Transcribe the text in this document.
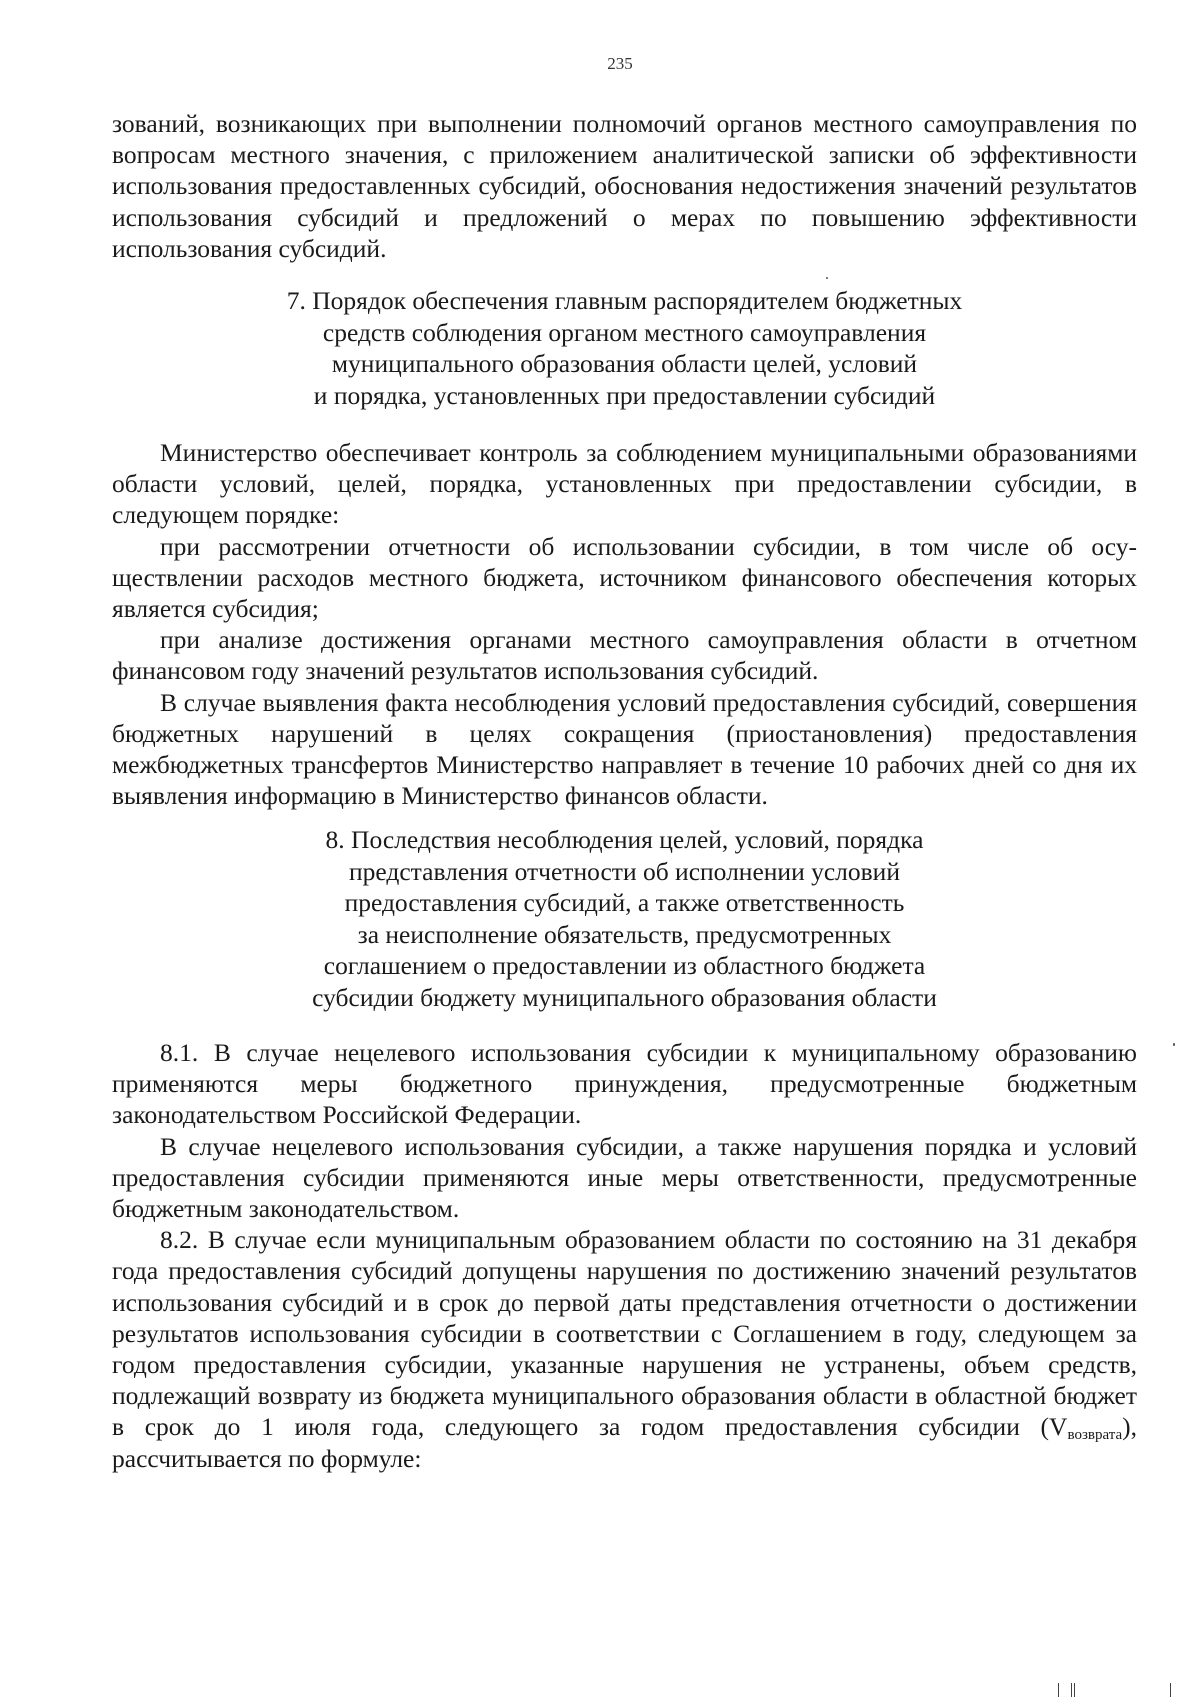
235

зований, возникающих при выполнении полномочий органов местного самоуправления по вопросам местного значения, с приложением аналитической записки об эффективности использования предоставленных субсидий, обоснования недостижения значений результатов использования субсидий и предложений о мерах по повышению эффективности использования субсидий.

7. Порядок обеспечения главным распорядителем бюджетных
средств соблюдения органом местного самоуправления
муниципального образования области целей, условий
и порядка, установленных при предоставлении субсидий

Министерство обеспечивает контроль за соблюдением муниципальными образованиями области условий, целей, порядка, установленных при предоставлении субсидии, в следующем порядке:

при рассмотрении отчетности об использовании субсидии, в том числе об осуществлении расходов местного бюджета, источником финансового обеспечения которых является субсидия;

при анализе достижения органами местного самоуправления области в отчетном финансовом году значений результатов использования субсидий.

В случае выявления факта несоблюдения условий предоставления субсидий, совершения бюджетных нарушений в целях сокращения (приостановления) предоставления межбюджетных трансфертов Министерство направляет в течение 10 рабочих дней со дня их выявления информацию в Министерство финансов области.

8. Последствия несоблюдения целей, условий, порядка
представления отчетности об исполнении условий
предоставления субсидий, а также ответственность
за неисполнение обязательств, предусмотренных
соглашением о предоставлении из областного бюджета
субсидии бюджету муниципального образования области

8.1. В случае нецелевого использования субсидии к муниципальному образованию применяются меры бюджетного принуждения, предусмотренные бюджетным законодательством Российской Федерации.

В случае нецелевого использования субсидии, а также нарушения порядка и условий предоставления субсидии применяются иные меры ответственности, предусмотренные бюджетным законодательством.

8.2. В случае если муниципальным образованием области по состоянию на 31 декабря года предоставления субсидий допущены нарушения по достижению значений результатов использования субсидий и в срок до первой даты представления отчетности о достижении результатов использования субсидии в соответствии с Соглашением в году, следующем за годом предоставления субсидии, указанные нарушения не устранены, объем средств, подлежащий возврату из бюджета муниципального образования области в областной бюджет в срок до 1 июля года, следующего за годом предоставления субсидии $(V_{возврата})$, рассчитывается по формуле:
